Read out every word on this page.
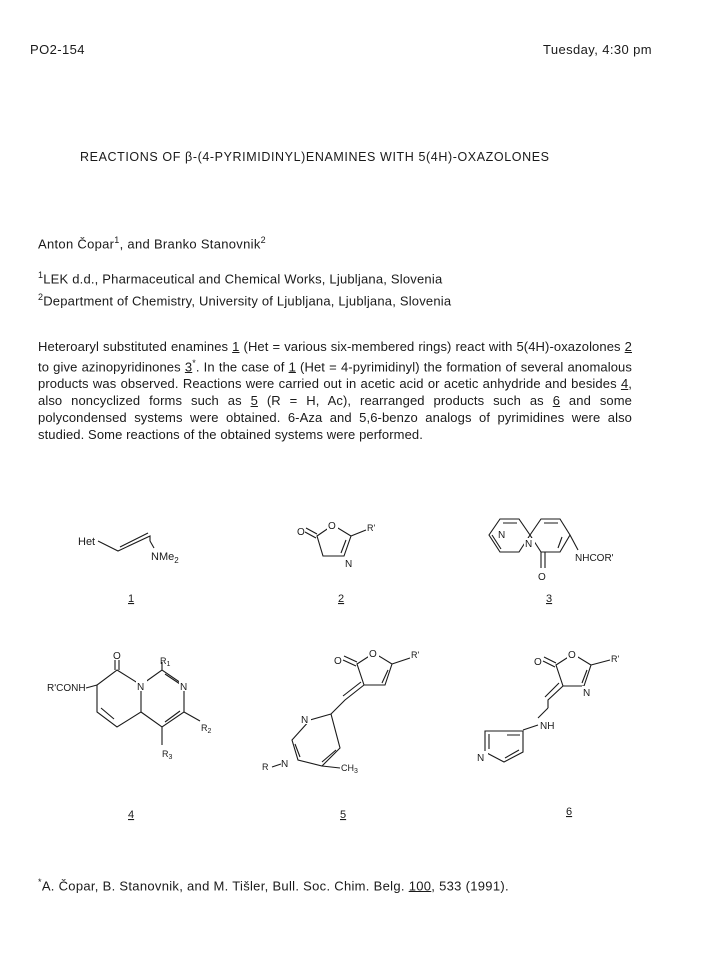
PO2-154	Tuesday, 4:30 pm
REACTIONS OF β-(4-PYRIMIDINYL)ENAMINES WITH 5(4H)-OXAZOLONES
Anton Čopar$^1$, and Branko Stanovnik$^2$
$^1$LEK d.d., Pharmaceutical and Chemical Works, Ljubljana, Slovenia
$^2$Department of Chemistry, University of Ljubljana, Ljubljana, Slovenia
Heteroaryl substituted enamines 1 (Het = various six-membered rings) react with 5(4H)-oxazolones 2 to give azinopyridinones 3*. In the case of 1 (Het = 4-pyrimidinyl) the formation of several anomalous products was observed. Reactions were carried out in acetic acid or acetic anhydride and besides 4, also noncyclized forms such as 5 (R = H, Ac), rearranged products such as 6 and some polycondensed systems were obtained. 6-Aza and 5,6-benzo analogs of pyrimidines were also studied. Some reactions of the obtained systems were performed.
Het
NMe$_2$
1
O
O
N
R'
2
N
N
O
NHCOR'
3
O
N	N
$R_1$
$R_2$
$R_3$
R'CONH
4
O
O	R'
N
N
R	$CH_3$
5
O
O
N
R'
NH
N
6
*A. Čopar, B. Stanovnik, and M. Tišler, Bull. Soc. Chim. Belg. 100, 533 (1991).
